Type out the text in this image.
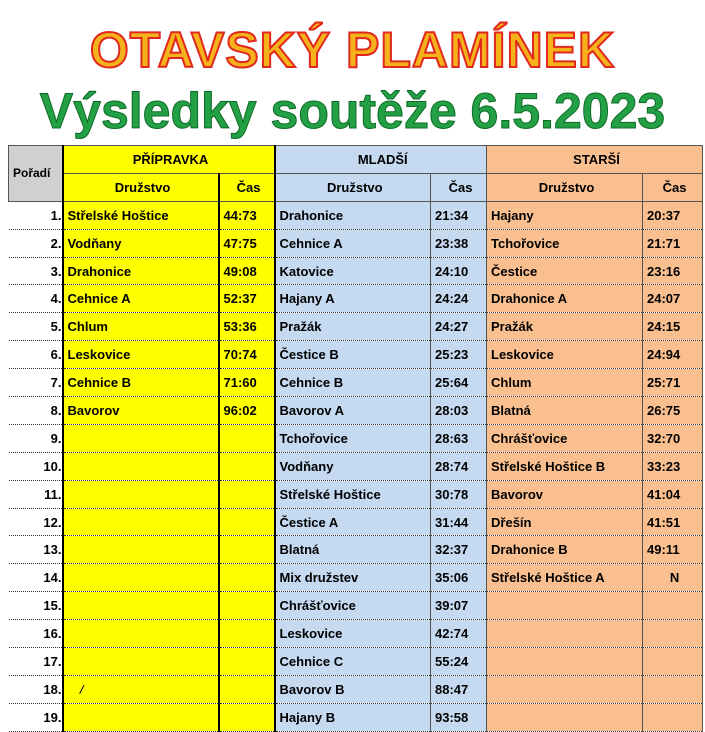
OTAVSKÝ PLAMÍNEK
Výsledky soutěže 6.5.2023
Pořadí	PŘÍPRAVKA		MLADŠÍ		STARŠÍ	
	Družstvo	Čas	Družstvo	Čas	Družstvo	Čas
1.	Střelské Hoštice	44:73	Drahonice	21:34	Hajany	20:37
2.	Vodňany	47:75	Cehnice A	23:38	Tchořovice	21:71
3.	Drahonice	49:08	Katovice	24:10	Čestice	23:16
4.	Cehnice A	52:37	Hajany A	24:24	Drahonice A	24:07
5.	Chlum	53:36	Pražák	24:27	Pražák	24:15
6.	Leskovice	70:74	Čestice B	25:23	Leskovice	24:94
7.	Cehnice B	71:60	Cehnice B	25:64	Chlum	25:71
8.	Bavorov	96:02	Bavorov A	28:03	Blatná	26:75
9.			Tchořovice	28:63	Chrášťovice	32:70
10.			Vodňany	28:74	Střelské Hoštice B	33:23
11.			Střelské Hoštice	30:78	Bavorov	41:04
12.			Čestice A	31:44	Dřešín	41:51
13.			Blatná	32:37	Drahonice B	49:11
14.			Mix družstev	35:06	Střelské Hoštice A	N
15.			Chrášťovice	39:07		
16.			Leskovice	42:74		
17.			Cehnice C	55:24		
18.	/		Bavorov B	88:47		
19.			Hajany B	93:58		
